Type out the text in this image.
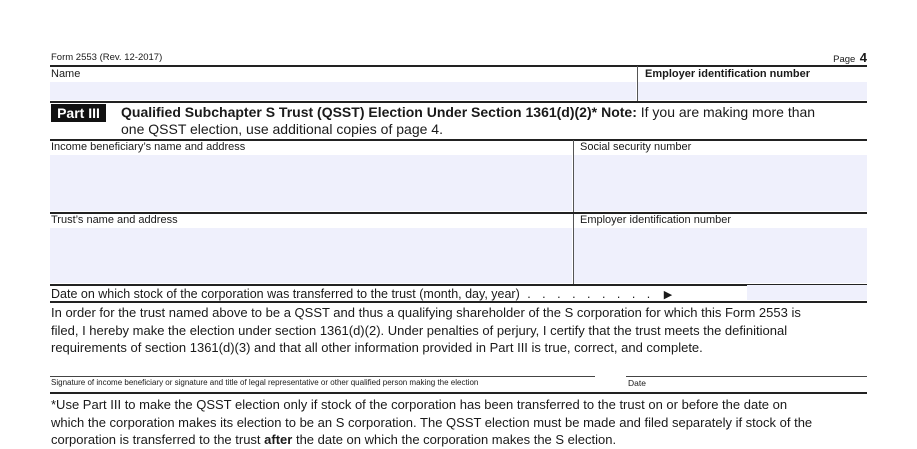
Form 2553 (Rev. 12-2017)	Page 4
Name	Employer identification number
Part III	Qualified Subchapter S Trust (QSST) Election Under Section 1361(d)(2)* Note: If you are making more than
one QSST election, use additional copies of page 4.
Income beneficiary’s name and address	Social security number
Trust’s name and address	Employer identification number
Date on which stock of the corporation was transferred to the trust (month, day, year) . . . . . . . . . ▶
In order for the trust named above to be a QSST and thus a qualifying shareholder of the S corporation for which this Form 2553 is
filed, I hereby make the election under section 1361(d)(2). Under penalties of perjury, I certify that the trust meets the definitional
requirements of section 1361(d)(3) and that all other information provided in Part III is true, correct, and complete.
Signature of income beneficiary or signature and title of legal representative or other qualified person making the election	Date
*Use Part III to make the QSST election only if stock of the corporation has been transferred to the trust on or before the date on
which the corporation makes its election to be an S corporation. The QSST election must be made and filed separately if stock of the
corporation is transferred to the trust after the date on which the corporation makes the S election.
